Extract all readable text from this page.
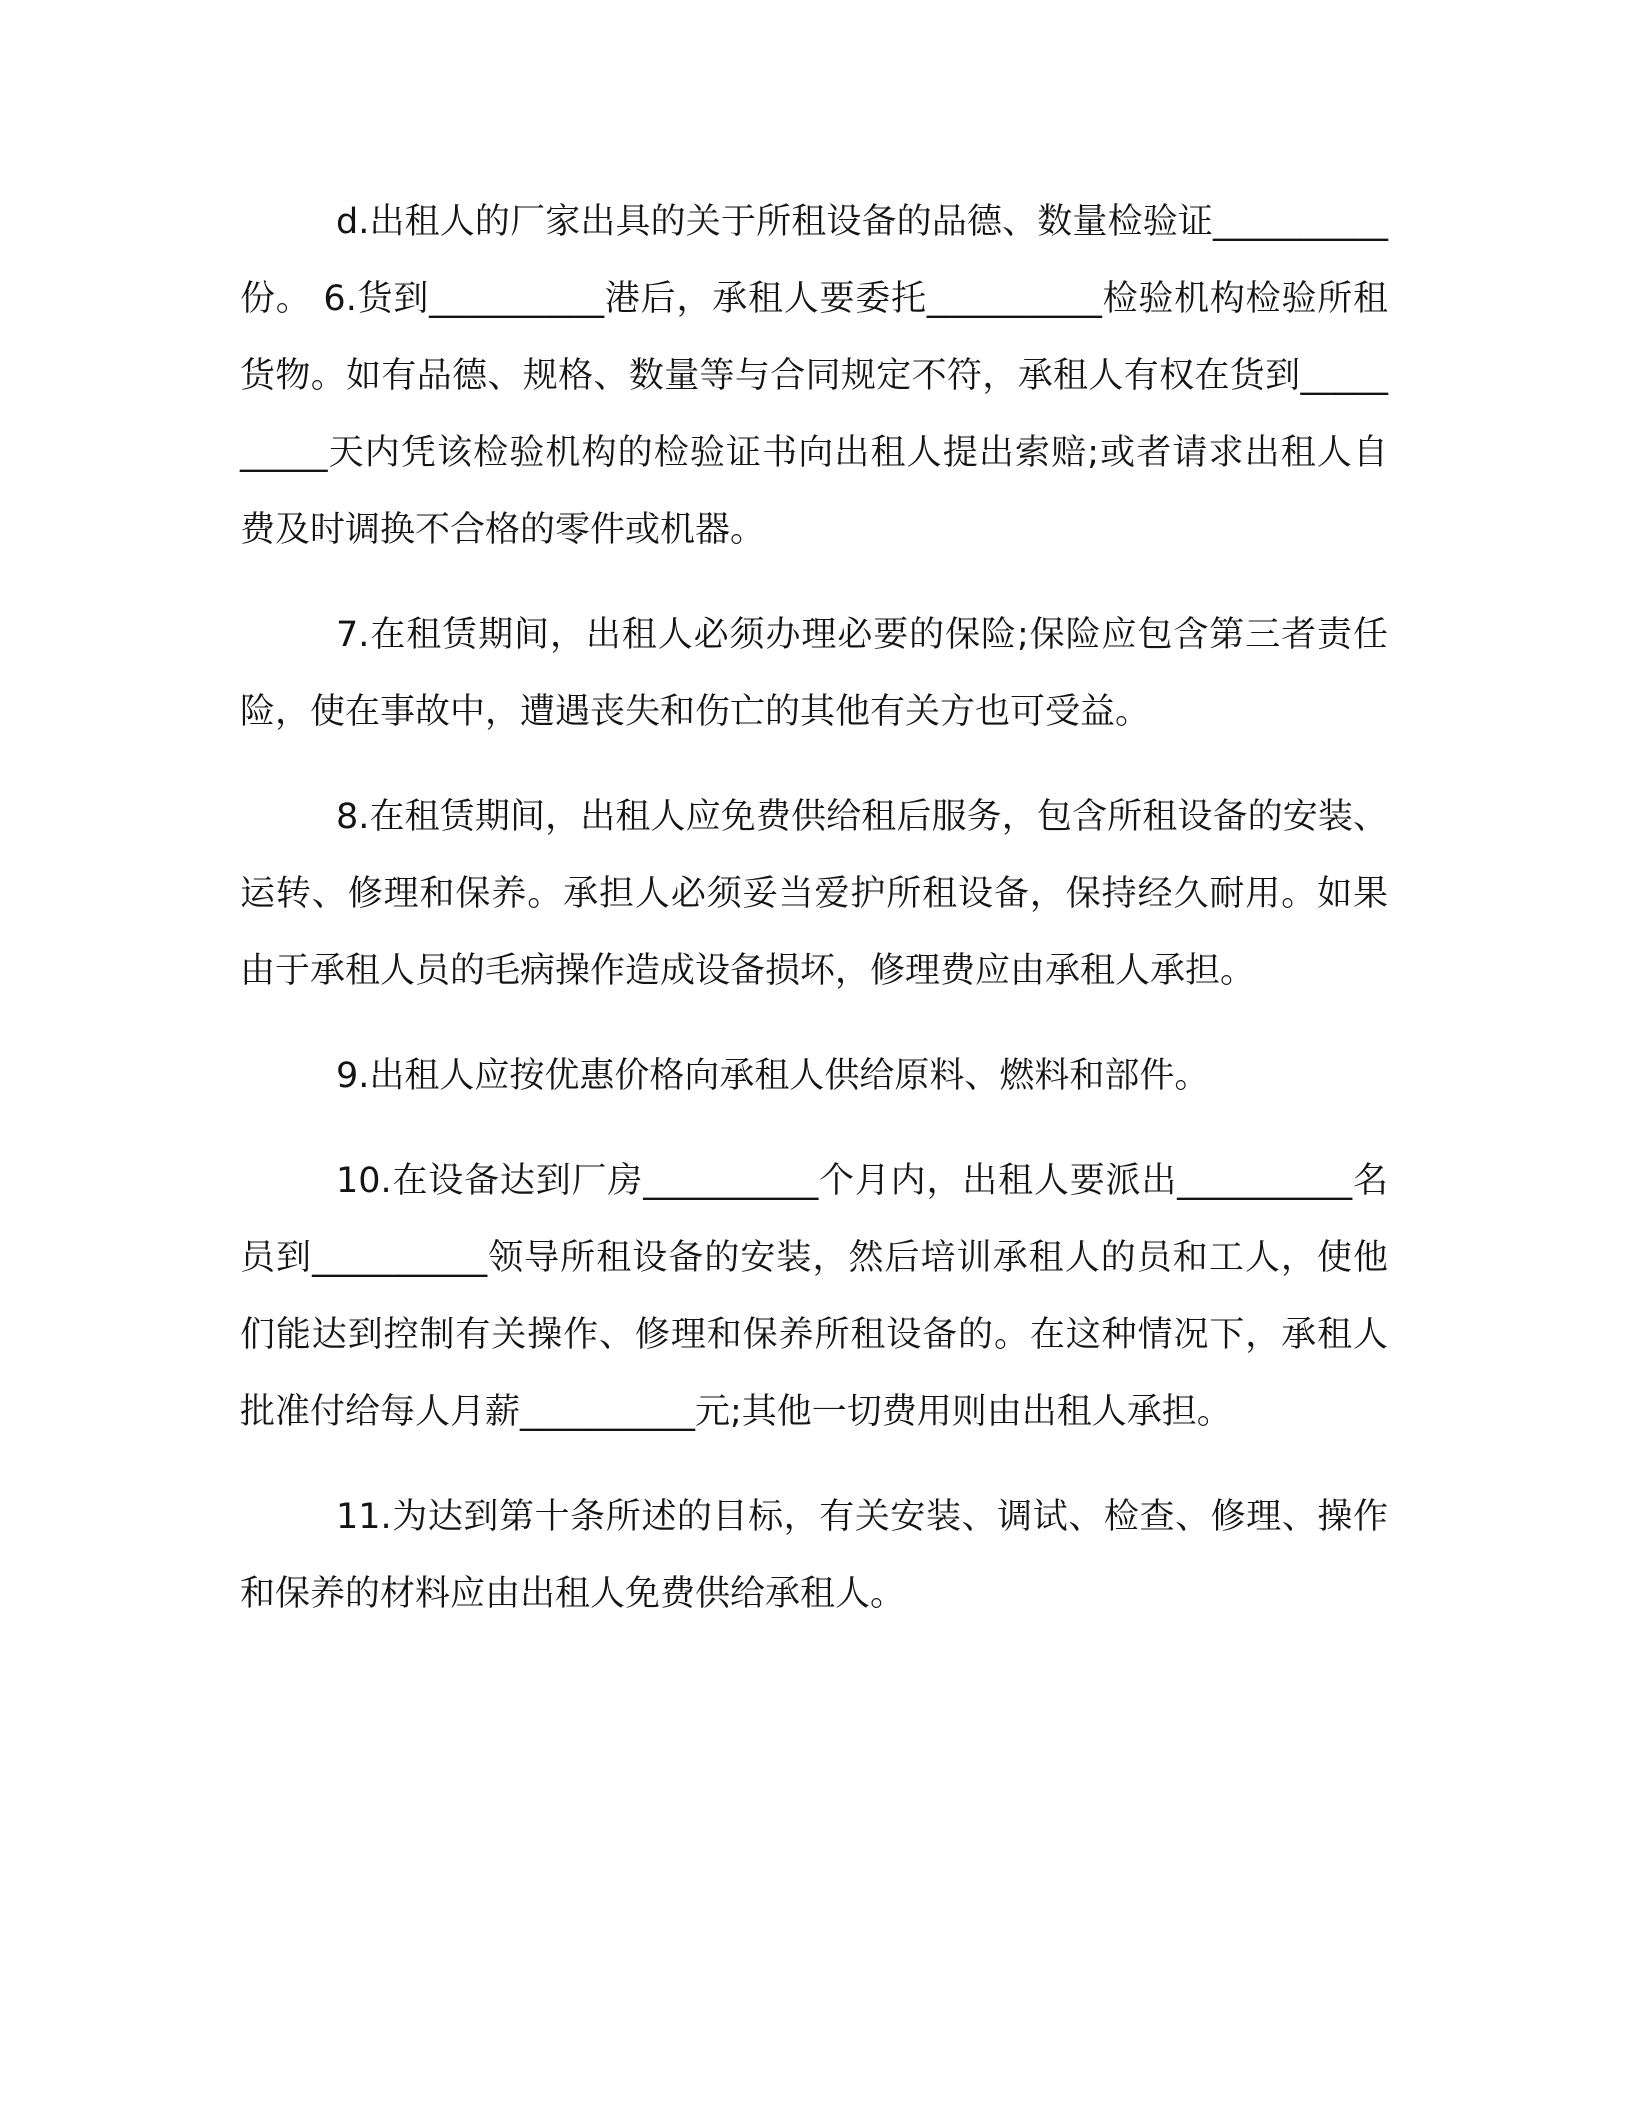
d.出租人的厂家出具的关于所租设备的品德、数量检验证__________份。 6.货到__________港后，承租人要委托__________检验机构检验所租货物。如有品德、规格、数量等与合同规定不符，承租人有权在货到__________天内凭该检验机构的检验证书向出租人提出索赔;或者请求出租人自费及时调换不合格的零件或机器。

7.在租赁期间，出租人必须办理必要的保险;保险应包含第三者责任险，使在事故中，遭遇丧失和伤亡的其他有关方也可受益。

8.在租赁期间，出租人应免费供给租后服务，包含所租设备的安装、运转、修理和保养。承担人必须妥当爱护所租设备，保持经久耐用。如果由于承租人员的毛病操作造成设备损坏，修理费应由承租人承担。

9.出租人应按优惠价格向承租人供给原料、燃料和部件。

10.在设备达到厂房__________个月内，出租人要派出__________名员到__________领导所租设备的安装，然后培训承租人的员和工人，使他们能达到控制有关操作、修理和保养所租设备的。在这种情况下，承租人批准付给每人月薪__________元;其他一切费用则由出租人承担。

11.为达到第十条所述的目标，有关安装、调试、检查、修理、操作和保养的材料应由出租人免费供给承租人。
